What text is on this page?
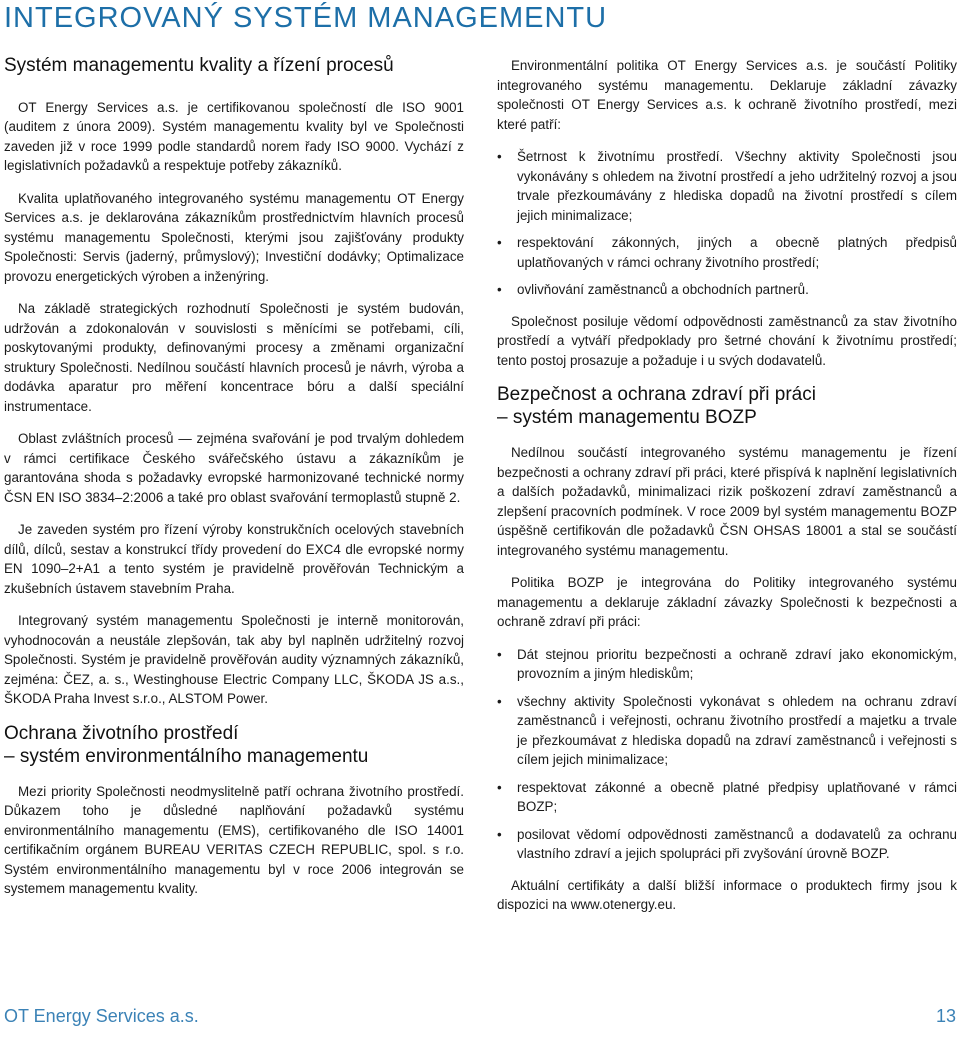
INTEGROVANÝ SYSTÉM MANAGEMENTU
Systém managementu kvality a řízení procesů

OT Energy Services a.s. je certifikovanou společností dle ISO 9001 (auditem z února 2009). Systém managementu kvality byl ve Společnosti zaveden již v roce 1999 podle standardů norem řady ISO 9000. Vychází z legislativních požadavků a respektuje potřeby zákazníků.

Kvalita uplatňovaného integrovaného systému managementu OT Energy Services a.s. je deklarována zákazníkům prostřednictvím hlavních procesů systému managementu Společnosti, kterými jsou zajišťovány produkty Společnosti: Servis (jaderný, průmyslový); Investiční dodávky; Optimalizace provozu energetických výroben a inženýring.

Na základě strategických rozhodnutí Společnosti je systém budován, udržován a zdokonalován v souvislosti s měnícími se potřebami, cíli, poskytovanými produkty, definovanými procesy a změnami organizační struktury Společnosti. Nedílnou součástí hlavních procesů je návrh, výroba a dodávka aparatur pro měření koncentrace bóru a další speciální instrumentace.

Oblast zvláštních procesů — zejména svařování je pod trvalým dohledem v rámci certifikace Českého svářečského ústavu a zákazníkům je garantována shoda s požadavky evropské harmonizované technické normy ČSN EN ISO 3834–2:2006 a také pro oblast svařování termoplastů stupně 2.

Je zaveden systém pro řízení výroby konstrukčních ocelových stavebních dílů, dílců, sestav a konstrukcí třídy provedení do EXC4 dle evropské normy EN 1090–2+A1 a tento systém je pravidelně prověřován Technickým a zkušebních ústavem stavebním Praha.

Integrovaný systém managementu Společnosti je interně monitorován, vyhodnocován a neustále zlepšován, tak aby byl naplněn udržitelný rozvoj Společnosti. Systém je pravidelně prověřován audity významných zákazníků, zejména: ČEZ, a. s., Westinghouse Electric Company LLC, ŠKODA JS a.s., ŠKODA Praha Invest s.r.o., ALSTOM Power.

Ochrana životního prostředí
– systém environmentálního managementu

Mezi priority Společnosti neodmyslitelně patří ochrana životního prostředí. Důkazem toho je důsledné naplňování požadavků systému environmentálního managementu (EMS), certifikovaného dle ISO 14001 certifikačním orgánem BUREAU VERITAS CZECH REPUBLIC, spol. s r.o. Systém environmentálního managementu byl v roce 2006 integrován se systemem managementu kvality.

Environmentální politika OT Energy Services a.s. je součástí Politiky integrovaného systému managementu. Deklaruje základní závazky společnosti OT Energy Services a.s. k ochraně životního prostředí, mezi které patří:

• Šetrnost k životnímu prostředí. Všechny aktivity Společnosti jsou vykonávány s ohledem na životní prostředí a jeho udržitelný rozvoj a jsou trvale přezkoumávány z hlediska dopadů na životní prostředí s cílem jejich minimalizace;
• respektování zákonných, jiných a obecně platných předpisů uplatňovaných v rámci ochrany životního prostředí;
• ovlivňování zaměstnanců a obchodních partnerů.

Společnost posiluje vědomí odpovědnosti zaměstnanců za stav životního prostředí a vytváří předpoklady pro šetrné chování k životnímu prostředí; tento postoj prosazuje a požaduje i u svých dodavatelů.

Bezpečnost a ochrana zdraví při práci
– systém managementu BOZP

Nedílnou součástí integrovaného systému managementu je řízení bezpečnosti a ochrany zdraví při práci, které přispívá k naplnění legislativních a dalších požadavků, minimalizaci rizik poškození zdraví zaměstnanců a zlepšení pracovních podmínek. V roce 2009 byl systém managementu BOZP úspěšně certifikován dle požadavků ČSN OHSAS 18001 a stal se součástí integrovaného systému managementu.

Politika BOZP je integrována do Politiky integrovaného systému managementu a deklaruje základní závazky Společnosti k bezpečnosti a ochraně zdraví při práci:

• Dát stejnou prioritu bezpečnosti a ochraně zdraví jako ekonomickým, provozním a jiným hlediskům;
• všechny aktivity Společnosti vykonávat s ohledem na ochranu zdraví zaměstnanců i veřejnosti, ochranu životního prostředí a majetku a trvale je přezkoumávat z hlediska dopadů na zdraví zaměstnanců i veřejnosti s cílem jejich minimalizace;
• respektovat zákonné a obecně platné předpisy uplatňované v rámci BOZP;
• posilovat vědomí odpovědnosti zaměstnanců a dodavatelů za ochranu vlastního zdraví a jejich spolupráci při zvyšování úrovně BOZP.

Aktuální certifikáty a další bližší informace o produktech firmy jsou k dispozici na www.otenergy.eu.

OT Energy Services a.s.	13
